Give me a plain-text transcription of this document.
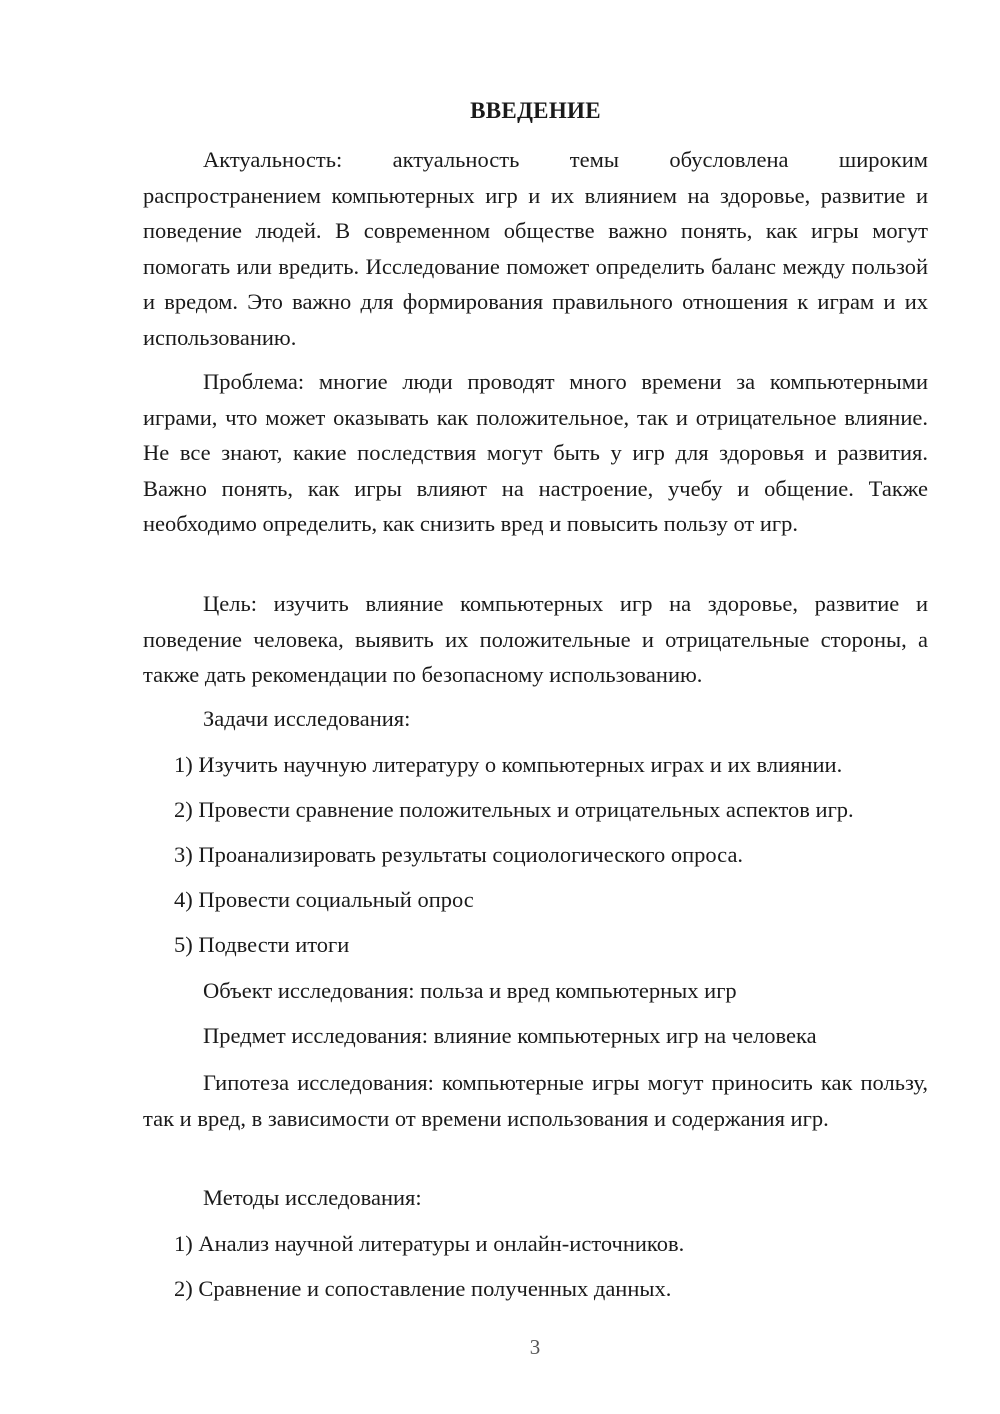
ВВЕДЕНИЕ
Актуальность: актуальность темы обусловлена широким распространением компьютерных игр и их влиянием на здоровье, развитие и поведение людей. В современном обществе важно понять, как игры могут помогать или вредить. Исследование поможет определить баланс между пользой и вредом. Это важно для формирования правильного отношения к играм и их использованию.
Проблема: многие люди проводят много времени за компьютерными играми, что может оказывать как положительное, так и отрицательное влияние. Не все знают, какие последствия могут быть у игр для здоровья и развития. Важно понять, как игры влияют на настроение, учебу и общение. Также необходимо определить, как снизить вред и повысить пользу от игр.
Цель: изучить влияние компьютерных игр на здоровье, развитие и поведение человека, выявить их положительные и отрицательные стороны, а также дать рекомендации по безопасному использованию.
Задачи исследования:
1) Изучить научную литературу о компьютерных играх и их влиянии.
2) Провести сравнение положительных и отрицательных аспектов игр.
3) Проанализировать результаты социологического опроса.
4) Провести социальный опрос
5) Подвести итоги
Объект исследования: польза и вред компьютерных игр
Предмет исследования: влияние компьютерных игр на человека
Гипотеза исследования: компьютерные игры могут приносить как пользу, так и вред, в зависимости от времени использования и содержания игр.
Методы исследования:
1) Анализ научной литературы и онлайн-источников.
2) Сравнение и сопоставление полученных данных.
3
